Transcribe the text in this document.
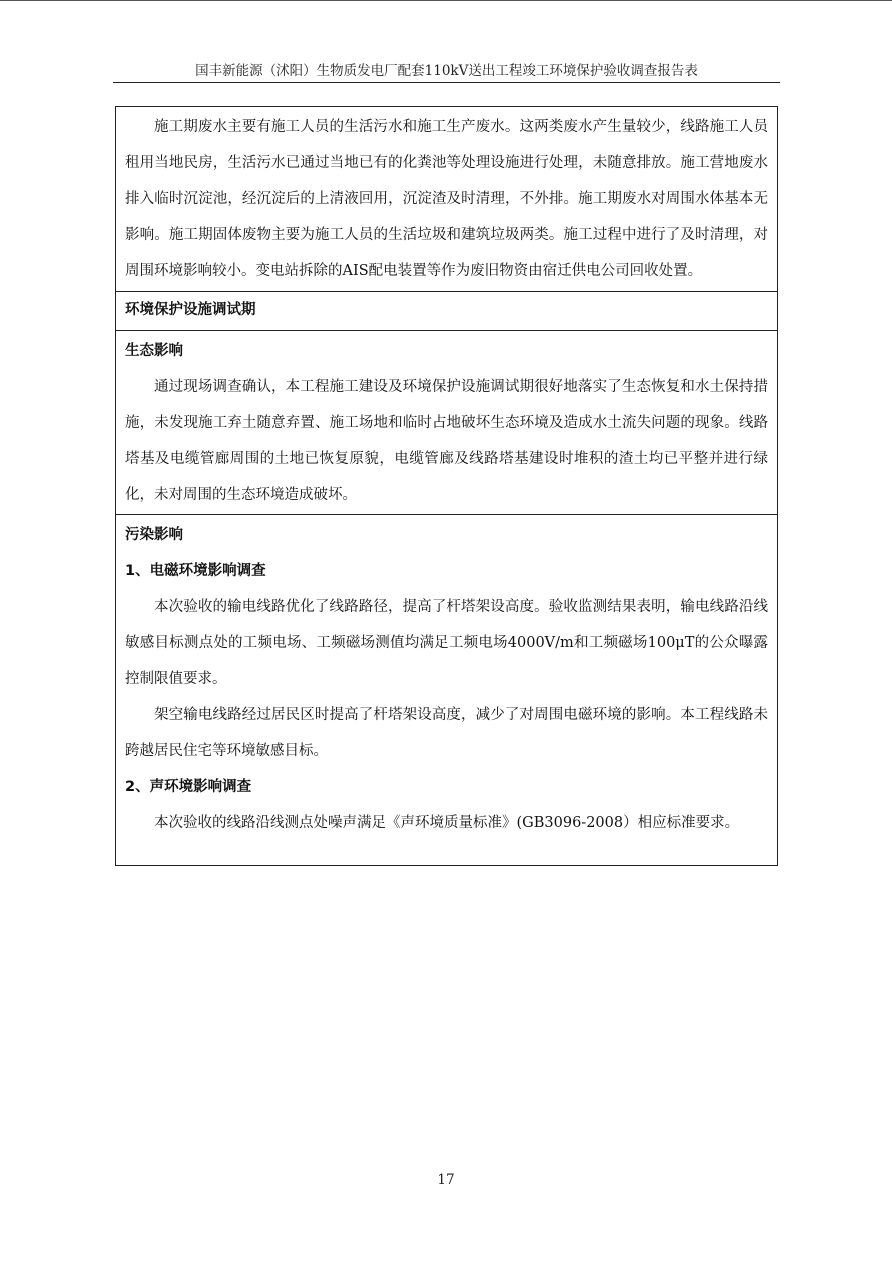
国丰新能源（沭阳）生物质发电厂配套110kV送出工程竣工环境保护验收调查报告表

施工期废水主要有施工人员的生活污水和施工生产废水。这两类废水产生量较少，线路施工人员租用当地民房，生活污水已通过当地已有的化粪池等处理设施进行处理，未随意排放。施工营地废水排入临时沉淀池，经沉淀后的上清液回用，沉淀渣及时清理，不外排。施工期废水对周围水体基本无影响。施工期固体废物主要为施工人员的生活垃圾和建筑垃圾两类。施工过程中进行了及时清理，对周围环境影响较小。变电站拆除的AIS配电装置等作为废旧物资由宿迁供电公司回收处置。

环境保护设施调试期

生态影响

通过现场调查确认，本工程施工建设及环境保护设施调试期很好地落实了生态恢复和水土保持措施，未发现施工弃土随意弃置、施工场地和临时占地破坏生态环境及造成水土流失问题的现象。线路塔基及电缆管廊周围的土地已恢复原貌，电缆管廊及线路塔基建设时堆积的渣土均已平整并进行绿化，未对周围的生态环境造成破坏。

污染影响
1、电磁环境影响调查

本次验收的输电线路优化了线路路径，提高了杆塔架设高度。验收监测结果表明，输电线路沿线敏感目标测点处的工频电场、工频磁场测值均满足工频电场4000V/m和工频磁场100μT的公众曝露控制限值要求。

架空输电线路经过居民区时提高了杆塔架设高度，减少了对周围电磁环境的影响。本工程线路未跨越居民住宅等环境敏感目标。

2、声环境影响调查

本次验收的线路沿线测点处噪声满足《声环境质量标准》(GB3096-2008）相应标准要求。

17
